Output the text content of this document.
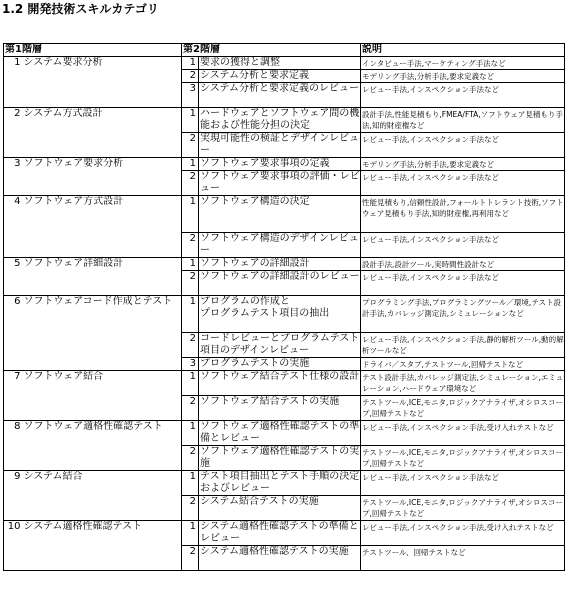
1.2 開発技術スキルカテゴリ
第1階層		第2階層		説明
1	システム要求分析	1	要求の獲得と調整	インタビュー手法,マーケティング手法など
		2	システム分析と要求定義	モデリング手法,分析手法,要求定義など
		3	システム分析と要求定義のレビュー	レビュー手法,インスペクション手法など
2	システム方式設計	1	ハードウェアとソフトウェア間の機能および性能分担の決定	設計手法,性能見積もり,FMEA/FTA,ソフトウェア見積もり手法,知的財産権など
		2	実現可能性の検証とデザインレビュー	レビュー手法,インスペクション手法など
3	ソフトウェア要求分析	1	ソフトウェア要求事項の定義	モデリング手法,分析手法,要求定義など
		2	ソフトウェア要求事項の評価・レビュー	レビュー手法,インスペクション手法など
4	ソフトウェア方式設計	1	ソフトウェア構造の決定	性能見積もり,信頼性設計,フォールトトレラント技術,ソフトウェア見積もり手法,知的財産権,再利用など
		2	ソフトウェア構造のデザインレビュー	レビュー手法,インスペクション手法など
5	ソフトウェア詳細設計	1	ソフトウェアの詳細設計	設計手法,設計ツール,実時間性設計など
		2	ソフトウェアの詳細設計のレビュー	レビュー手法,インスペクション手法など
6	ソフトウェアコード作成とテスト	1	プログラムの作成と
プログラムテスト項目の抽出	プログラミング手法,プログラミングツール／環境,テスト設計手法,カバレッジ測定法,シミュレーションなど
		2	コードレビューとプログラムテスト項目のデザインレビュー	レビュー手法,インスペクション手法,静的解析ツール,動的解析ツールなど
		3	プログラムテストの実施	ドライバ／スタブ,テストツール,回帰テストなど
7	ソフトウェア結合	1	ソフトウェア結合テスト仕様の設計	テスト設計手法,カバレッジ測定法,シミュレーション,エミュレーション,ハードウェア環境など
		2	ソフトウェア結合テストの実施	テストツール,ICE,モニタ,ロジックアナライザ,オシロスコープ,回帰テストなど
8	ソフトウェア適格性確認テスト	1	ソフトウェア適格性確認テストの準備とレビュー	レビュー手法,インスペクション手法,受け入れテストなど
		2	ソフトウェア適格性確認テストの実施	テストツール,ICE,モニタ,ロジックアナライザ,オシロスコープ,回帰テストなど
9	システム結合	1	テスト項目抽出とテスト手順の決定およびレビュー	レビュー手法,インスペクション手法など
		2	システム結合テストの実施	テストツール,ICE,モニタ,ロジックアナライザ,オシロスコープ,回帰テストなど
10	システム適格性確認テスト	1	システム適格性確認テストの準備とレビュー	レビュー手法,インスペクション手法,受け入れテストなど
		2	システム適格性確認テストの実施	テストツール、回帰テストなど
